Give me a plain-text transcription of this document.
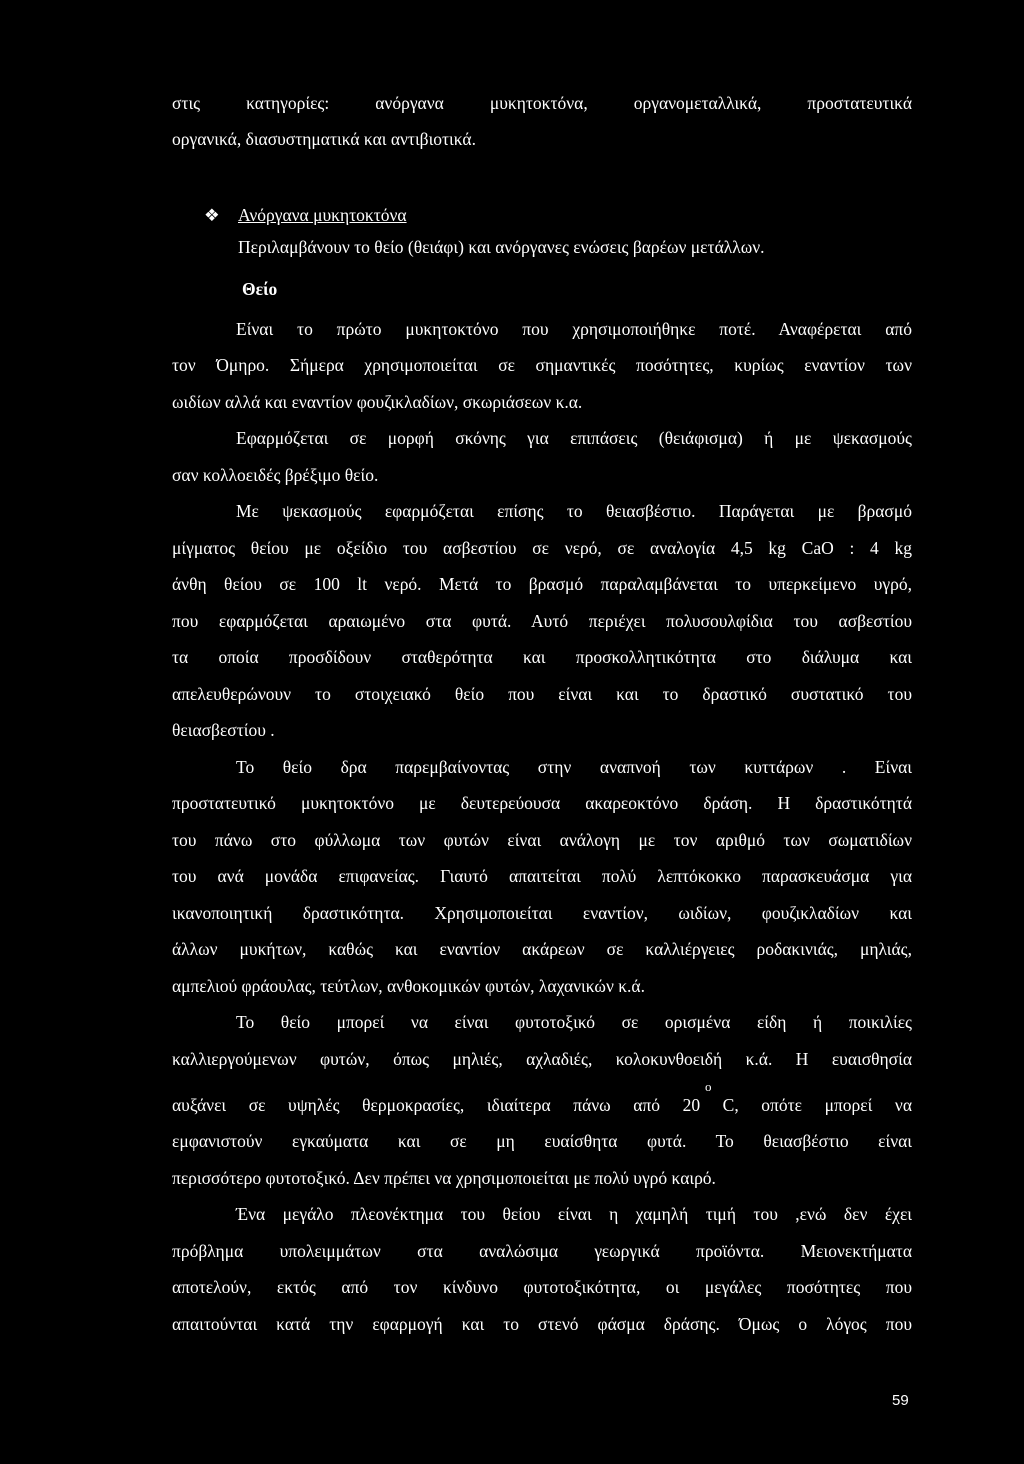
στις κατηγορίες: ανόργανα μυκητοκτόνα, οργανομεταλλικά, προστατευτικά
οργανικά, διασυστηματικά και αντιβιοτικά.
❖ Ανόργανα μυκητοκτόνα
Περιλαμβάνουν το θείο (θειάφι) και ανόργανες ενώσεις βαρέων μετάλλων.
Θείο
Είναι το πρώτο μυκητοκτόνο που χρησιμοποιήθηκε ποτέ. Αναφέρεται από
τον Όμηρο. Σήμερα χρησιμοποιείται σε σημαντικές ποσότητες, κυρίως εναντίον των
ωιδίων αλλά και εναντίον φουζικλαδίων, σκωριάσεων κ.α.
Εφαρμόζεται σε μορφή σκόνης για επιπάσεις (θειάφισμα) ή με ψεκασμούς
σαν κολλοειδές βρέξιμο θείο.
Με ψεκασμούς εφαρμόζεται επίσης το θειασβέστιο. Παράγεται με βρασμό
μίγματος θείου με οξείδιο του ασβεστίου σε νερό, σε αναλογία 4,5 kg CaO : 4 kg
άνθη θείου σε 100 lt νερό. Μετά το βρασμό παραλαμβάνεται το υπερκείμενο υγρό,
που εφαρμόζεται αραιωμένο στα φυτά. Αυτό περιέχει πολυσουλφίδια του ασβεστίου
τα οποία προσδίδουν σταθερότητα και προσκολλητικότητα στο διάλυμα και
απελευθερώνουν το στοιχειακό θείο που είναι και το δραστικό συστατικό του
θειασβεστίου .
Το θείο δρα παρεμβαίνοντας στην αναπνοή των κυττάρων . Είναι
προστατευτικό μυκητοκτόνο με δευτερεύουσα ακαρεοκτόνο δράση. Η δραστικότητά
του πάνω στο φύλλωμα των φυτών είναι ανάλογη με τον αριθμό των σωματιδίων
του ανά μονάδα επιφανείας. Γιαυτό απαιτείται πολύ λεπτόκοκκο παρασκευάσμα για
ικανοποιητική δραστικότητα. Χρησιμοποιείται εναντίον, ωιδίων, φουζικλαδίων και
άλλων μυκήτων, καθώς και εναντίον ακάρεων σε καλλιέργειες ροδακινιάς, μηλιάς,
αμπελιού φράουλας, τεύτλων, ανθοκομικών φυτών, λαχανικών κ.ά.
Το θείο μπορεί να είναι φυτοτοξικό σε ορισμένα είδη ή ποικιλίες
καλλιεργούμενων φυτών, όπως μηλιές, αχλαδιές, κολοκυνθοειδή κ.ά. Η ευαισθησία
o
αυξάνει σε υψηλές θερμοκρασίες, ιδιαίτερα πάνω από 20 C, οπότε μπορεί να
εμφανιστούν εγκαύματα και σε μη ευαίσθητα φυτά. Το θειασβέστιο είναι
περισσότερο φυτοτοξικό. Δεν πρέπει να χρησιμοποιείται με πολύ υγρό καιρό.
Ένα μεγάλο πλεονέκτημα του θείου είναι η χαμηλή τιμή του ,ενώ δεν έχει
πρόβλημα υπολειμμάτων στα αναλώσιμα γεωργικά προϊόντα. Μειονεκτήματα
αποτελούν, εκτός από τον κίνδυνο φυτοτοξικότητα, οι μεγάλες ποσότητες που
απαιτούνται κατά την εφαρμογή και το στενό φάσμα δράσης. Όμως ο λόγος που
59
